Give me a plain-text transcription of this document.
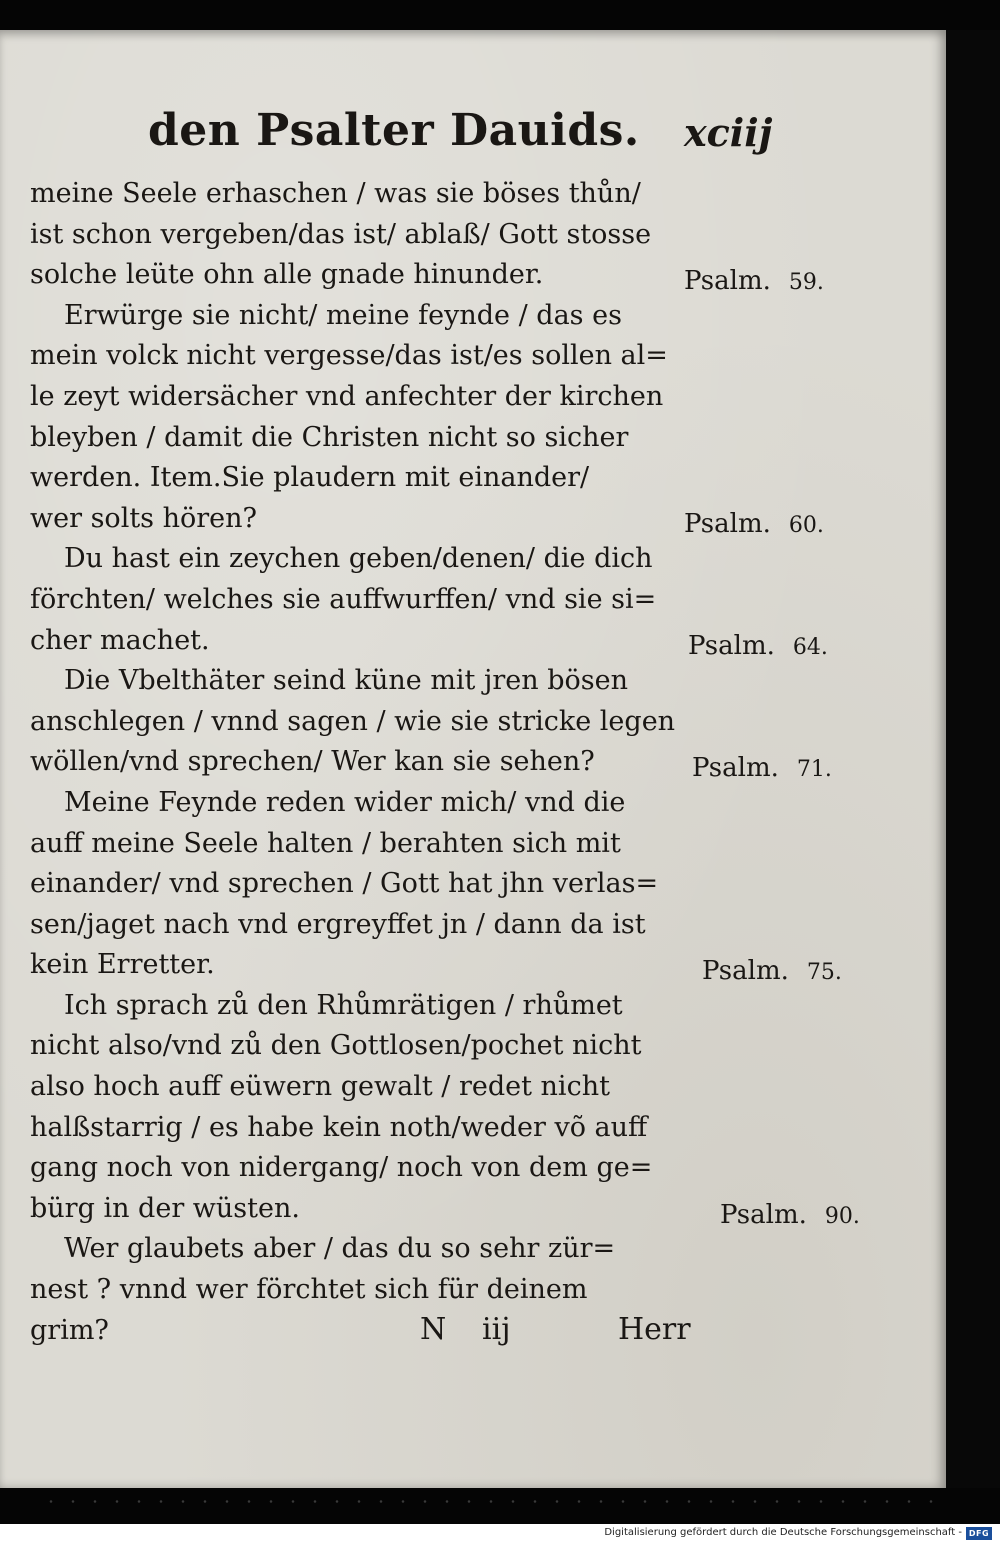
den Psalter Dauids. xciij
meine Seele erhaschen / was sie böses thůn/
ist schon vergeben/das ist/ ablaß/ Gott stosse
solche leüte ohn alle gnade hinunder.
Erwürge sie nicht/ meine feynde / das es
mein volck nicht vergesse/das ist/es sollen al=
le zeyt widersächer vnd anfechter der kirchen
bleyben / damit die Christen nicht so sicher
werden. Item.Sie plaudern mit einander/
wer solts hören?
Du hast ein zeychen geben/denen/ die dich
förchten/ welches sie auffwurffen/ vnd sie si=
cher machet.
Die Vbelthäter seind küne mit jren bösen
anschlegen / vnnd sagen / wie sie stricke legen
wöllen/vnd sprechen/ Wer kan sie sehen?
Meine Feynde reden wider mich/ vnd die
auff meine Seele halten / berahten sich mit
einander/ vnd sprechen / Gott hat jhn verlas=
sen/jaget nach vnd ergreyffet jn / dann da ist
kein Erretter.
Ich sprach zů den Rhůmrätigen / rhůmet
nicht also/vnd zů den Gottlosen/pochet nicht
also hoch auff eüwern gewalt / redet nicht
halßstarrig / es habe kein noth/weder võ auff
gang noch von nidergang/ noch von dem ge=
bürg in der wüsten.
Wer glaubets aber / das du so sehr zür=
nest ? vnnd wer förchtet sich für deinem
grim?
Psalm. 59.
Psalm. 60.
Psalm. 64.
Psalm. 71.
Psalm. 75.
Psalm. 90.
N iij	Herr
Digitalisierung gefördert durch die Deutsche Forschungsgemeinschaft - DFG
